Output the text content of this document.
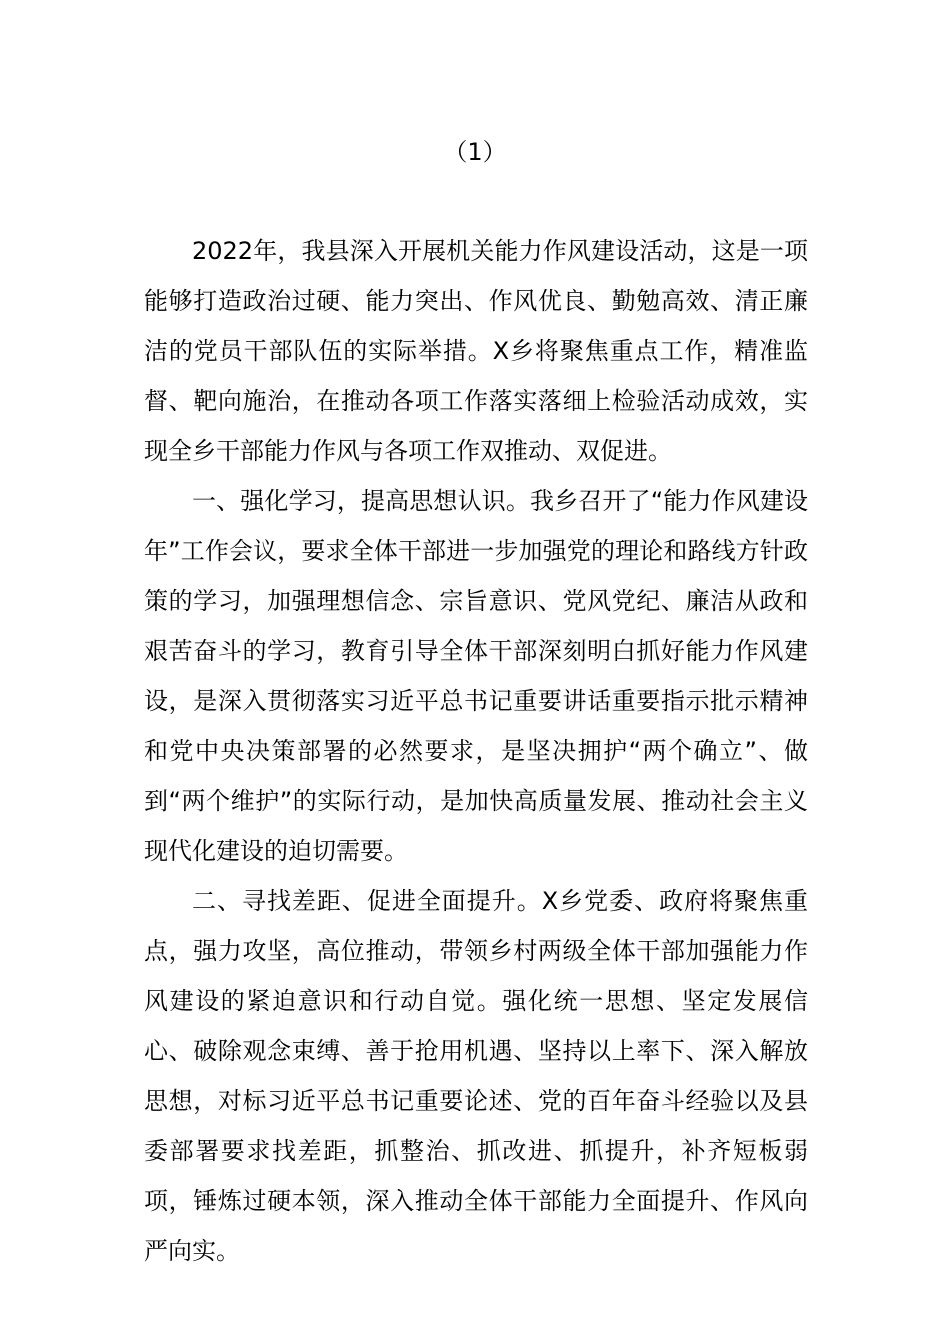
（1）

2022年，我县深入开展机关能力作风建设活动，这是一项能够打造政治过硬、能力突出、作风优良、勤勉高效、清正廉洁的党员干部队伍的实际举措。X乡将聚焦重点工作，精准监督、靶向施治，在推动各项工作落实落细上检验活动成效，实现全乡干部能力作风与各项工作双推动、双促进。

一、强化学习，提高思想认识。我乡召开了“能力作风建设年”工作会议，要求全体干部进一步加强党的理论和路线方针政策的学习，加强理想信念、宗旨意识、党风党纪、廉洁从政和艰苦奋斗的学习，教育引导全体干部深刻明白抓好能力作风建设，是深入贯彻落实习近平总书记重要讲话重要指示批示精神和党中央决策部署的必然要求，是坚决拥护“两个确立”、做到“两个维护”的实际行动，是加快高质量发展、推动社会主义现代化建设的迫切需要。

二、寻找差距、促进全面提升。X乡党委、政府将聚焦重点，强力攻坚，高位推动，带领乡村两级全体干部加强能力作风建设的紧迫意识和行动自觉。强化统一思想、坚定发展信心、破除观念束缚、善于抢用机遇、坚持以上率下、深入解放思想，对标习近平总书记重要论述、党的百年奋斗经验以及县委部署要求找差距，抓整治、抓改进、抓提升，补齐短板弱项，锤炼过硬本领，深入推动全体干部能力全面提升、作风向严向实。
